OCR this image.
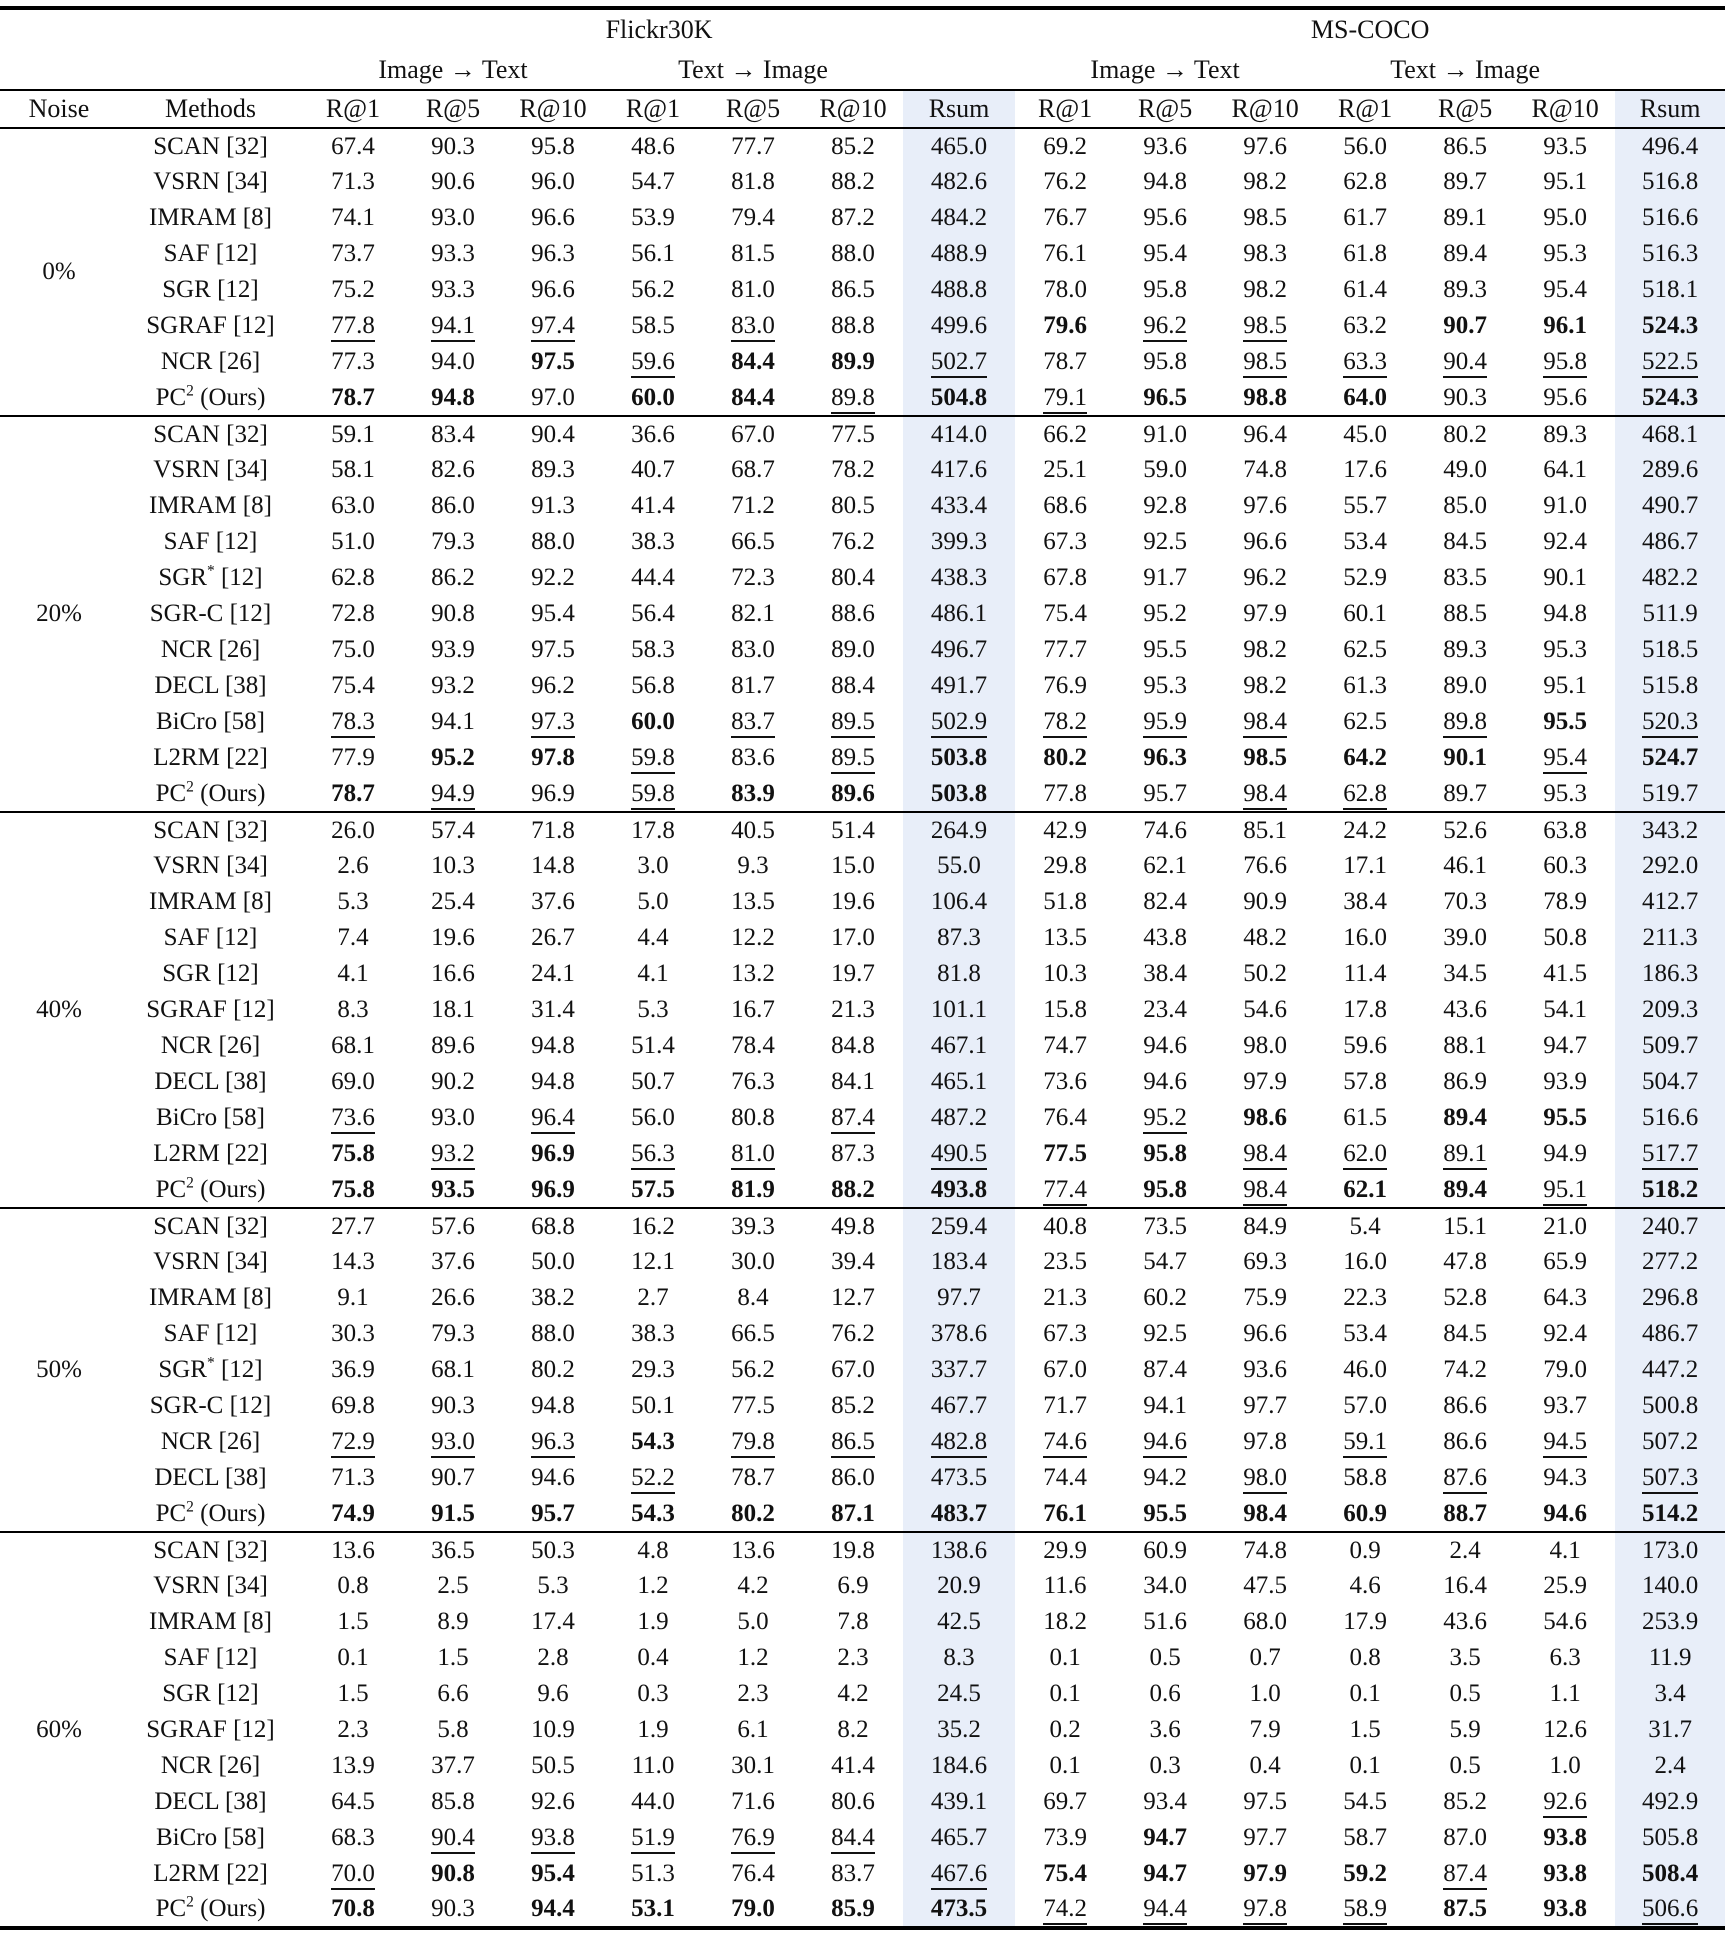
		Flickr30K							MS-COCO						
		Image → Text			Text → Image				Image → Text			Text → Image			
Noise	Methods	R@1	R@5	R@10	R@1	R@5	R@10	Rsum	R@1	R@5	R@10	R@1	R@5	R@10	Rsum
0%	SCAN [32]	67.4	90.3	95.8	48.6	77.7	85.2	465.0	69.2	93.6	97.6	56.0	86.5	93.5	496.4
	VSRN [34]	71.3	90.6	96.0	54.7	81.8	88.2	482.6	76.2	94.8	98.2	62.8	89.7	95.1	516.8
	IMRAM [8]	74.1	93.0	96.6	53.9	79.4	87.2	484.2	76.7	95.6	98.5	61.7	89.1	95.0	516.6
	SAF [12]	73.7	93.3	96.3	56.1	81.5	88.0	488.9	76.1	95.4	98.3	61.8	89.4	95.3	516.3
	SGR [12]	75.2	93.3	96.6	56.2	81.0	86.5	488.8	78.0	95.8	98.2	61.4	89.3	95.4	518.1
	SGRAF [12]	77.8	94.1	97.4	58.5	83.0	88.8	499.6	79.6	96.2	98.5	63.2	90.7	96.1	524.3
	NCR [26]	77.3	94.0	97.5	59.6	84.4	89.9	502.7	78.7	95.8	98.5	63.3	90.4	95.8	522.5
	$PC^2$ (Ours)	78.7	94.8	97.0	60.0	84.4	89.8	504.8	79.1	96.5	98.8	64.0	90.3	95.6	524.3
20%	SCAN [32]	59.1	83.4	90.4	36.6	67.0	77.5	414.0	66.2	91.0	96.4	45.0	80.2	89.3	468.1
	VSRN [34]	58.1	82.6	89.3	40.7	68.7	78.2	417.6	25.1	59.0	74.8	17.6	49.0	64.1	289.6
	IMRAM [8]	63.0	86.0	91.3	41.4	71.2	80.5	433.4	68.6	92.8	97.6	55.7	85.0	91.0	490.7
	SAF [12]	51.0	79.3	88.0	38.3	66.5	76.2	399.3	67.3	92.5	96.6	53.4	84.5	92.4	486.7
	SGR* [12]	62.8	86.2	92.2	44.4	72.3	80.4	438.3	67.8	91.7	96.2	52.9	83.5	90.1	482.2
	SGR-C [12]	72.8	90.8	95.4	56.4	82.1	88.6	486.1	75.4	95.2	97.9	60.1	88.5	94.8	511.9
	NCR [26]	75.0	93.9	97.5	58.3	83.0	89.0	496.7	77.7	95.5	98.2	62.5	89.3	95.3	518.5
	DECL [38]	75.4	93.2	96.2	56.8	81.7	88.4	491.7	76.9	95.3	98.2	61.3	89.0	95.1	515.8
	BiCro [58]	78.3	94.1	97.3	60.0	83.7	89.5	502.9	78.2	95.9	98.4	62.5	89.8	95.5	520.3
	L2RM [22]	77.9	95.2	97.8	59.8	83.6	89.5	503.8	80.2	96.3	98.5	64.2	90.1	95.4	524.7
	$PC^2$ (Ours)	78.7	94.9	96.9	59.8	83.9	89.6	503.8	77.8	95.7	98.4	62.8	89.7	95.3	519.7
40%	SCAN [32]	26.0	57.4	71.8	17.8	40.5	51.4	264.9	42.9	74.6	85.1	24.2	52.6	63.8	343.2
	VSRN [34]	2.6	10.3	14.8	3.0	9.3	15.0	55.0	29.8	62.1	76.6	17.1	46.1	60.3	292.0
	IMRAM [8]	5.3	25.4	37.6	5.0	13.5	19.6	106.4	51.8	82.4	90.9	38.4	70.3	78.9	412.7
	SAF [12]	7.4	19.6	26.7	4.4	12.2	17.0	87.3	13.5	43.8	48.2	16.0	39.0	50.8	211.3
	SGR [12]	4.1	16.6	24.1	4.1	13.2	19.7	81.8	10.3	38.4	50.2	11.4	34.5	41.5	186.3
	SGRAF [12]	8.3	18.1	31.4	5.3	16.7	21.3	101.1	15.8	23.4	54.6	17.8	43.6	54.1	209.3
	NCR [26]	68.1	89.6	94.8	51.4	78.4	84.8	467.1	74.7	94.6	98.0	59.6	88.1	94.7	509.7
	DECL [38]	69.0	90.2	94.8	50.7	76.3	84.1	465.1	73.6	94.6	97.9	57.8	86.9	93.9	504.7
	BiCro [58]	73.6	93.0	96.4	56.0	80.8	87.4	487.2	76.4	95.2	98.6	61.5	89.4	95.5	516.6
	L2RM [22]	75.8	93.2	96.9	56.3	81.0	87.3	490.5	77.5	95.8	98.4	62.0	89.1	94.9	517.7
	$PC^2$ (Ours)	75.8	93.5	96.9	57.5	81.9	88.2	493.8	77.4	95.8	98.4	62.1	89.4	95.1	518.2
50%	SCAN [32]	27.7	57.6	68.8	16.2	39.3	49.8	259.4	40.8	73.5	84.9	5.4	15.1	21.0	240.7
	VSRN [34]	14.3	37.6	50.0	12.1	30.0	39.4	183.4	23.5	54.7	69.3	16.0	47.8	65.9	277.2
	IMRAM [8]	9.1	26.6	38.2	2.7	8.4	12.7	97.7	21.3	60.2	75.9	22.3	52.8	64.3	296.8
	SAF [12]	30.3	79.3	88.0	38.3	66.5	76.2	378.6	67.3	92.5	96.6	53.4	84.5	92.4	486.7
	SGR* [12]	36.9	68.1	80.2	29.3	56.2	67.0	337.7	67.0	87.4	93.6	46.0	74.2	79.0	447.2
	SGR-C [12]	69.8	90.3	94.8	50.1	77.5	85.2	467.7	71.7	94.1	97.7	57.0	86.6	93.7	500.8
	NCR [26]	72.9	93.0	96.3	54.3	79.8	86.5	482.8	74.6	94.6	97.8	59.1	86.6	94.5	507.2
	DECL [38]	71.3	90.7	94.6	52.2	78.7	86.0	473.5	74.4	94.2	98.0	58.8	87.6	94.3	507.3
	$PC^2$ (Ours)	74.9	91.5	95.7	54.3	80.2	87.1	483.7	76.1	95.5	98.4	60.9	88.7	94.6	514.2
60%	SCAN [32]	13.6	36.5	50.3	4.8	13.6	19.8	138.6	29.9	60.9	74.8	0.9	2.4	4.1	173.0
	VSRN [34]	0.8	2.5	5.3	1.2	4.2	6.9	20.9	11.6	34.0	47.5	4.6	16.4	25.9	140.0
	IMRAM [8]	1.5	8.9	17.4	1.9	5.0	7.8	42.5	18.2	51.6	68.0	17.9	43.6	54.6	253.9
	SAF [12]	0.1	1.5	2.8	0.4	1.2	2.3	8.3	0.1	0.5	0.7	0.8	3.5	6.3	11.9
	SGR [12]	1.5	6.6	9.6	0.3	2.3	4.2	24.5	0.1	0.6	1.0	0.1	0.5	1.1	3.4
	SGRAF [12]	2.3	5.8	10.9	1.9	6.1	8.2	35.2	0.2	3.6	7.9	1.5	5.9	12.6	31.7
	NCR [26]	13.9	37.7	50.5	11.0	30.1	41.4	184.6	0.1	0.3	0.4	0.1	0.5	1.0	2.4
	DECL [38]	64.5	85.8	92.6	44.0	71.6	80.6	439.1	69.7	93.4	97.5	54.5	85.2	92.6	492.9
	BiCro [58]	68.3	90.4	93.8	51.9	76.9	84.4	465.7	73.9	94.7	97.7	58.7	87.0	93.8	505.8
	L2RM [22]	70.0	90.8	95.4	51.3	76.4	83.7	467.6	75.4	94.7	97.9	59.2	87.4	93.8	508.4
	$PC^2$ (Ours)	70.8	90.3	94.4	53.1	79.0	85.9	473.5	74.2	94.4	97.8	58.9	87.5	93.8	506.6
